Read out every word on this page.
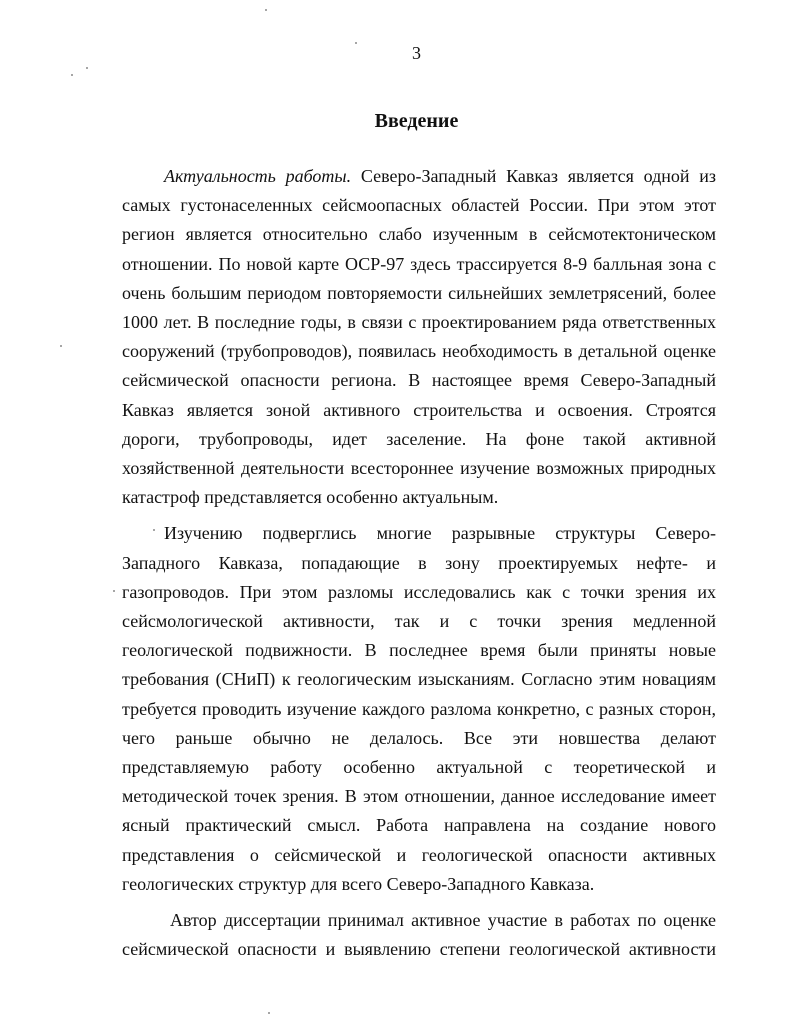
3
Введение

Актуальность работы. Северо-Западный Кавказ является одной из самых густонаселенных сейсмоопасных областей России. При этом этот регион является относительно слабо изученным в сейсмотектоническом отношении. По новой карте ОСР-97 здесь трассируется 8-9 балльная зона с очень большим периодом повторяемости сильнейших землетрясений, более 1000 лет. В последние годы, в связи с проектированием ряда ответственных сооружений (трубопроводов), появилась необходимость в детальной оценке сейсмической опасности региона. В настоящее время Северо-Западный Кавказ является зоной активного строительства и освоения. Строятся дороги, трубопроводы, идет заселение. На фоне такой активной хозяйственной деятельности всестороннее изучение возможных природных катастроф представляется особенно актуальным.

Изучению подверглись многие разрывные структуры Северо-Западного Кавказа, попадающие в зону проектируемых нефте- и газопроводов. При этом разломы исследовались как с точки зрения их сейсмологической активности, так и с точки зрения медленной геологической подвижности. В последнее время были приняты новые требования (СНиП) к геологическим изысканиям. Согласно этим новациям требуется проводить изучение каждого разлома конкретно, с разных сторон, чего раньше обычно не делалось. Все эти новшества делают представляемую работу особенно актуальной с теоретической и методической точек зрения. В этом отношении, данное исследование имеет ясный практический смысл. Работа направлена на создание нового представления о сейсмической и геологической опасности активных геологических структур для всего Северо-Западного Кавказа.

Автор диссертации принимал активное участие в работах по оценке сейсмической опасности и выявлению степени геологической активности
